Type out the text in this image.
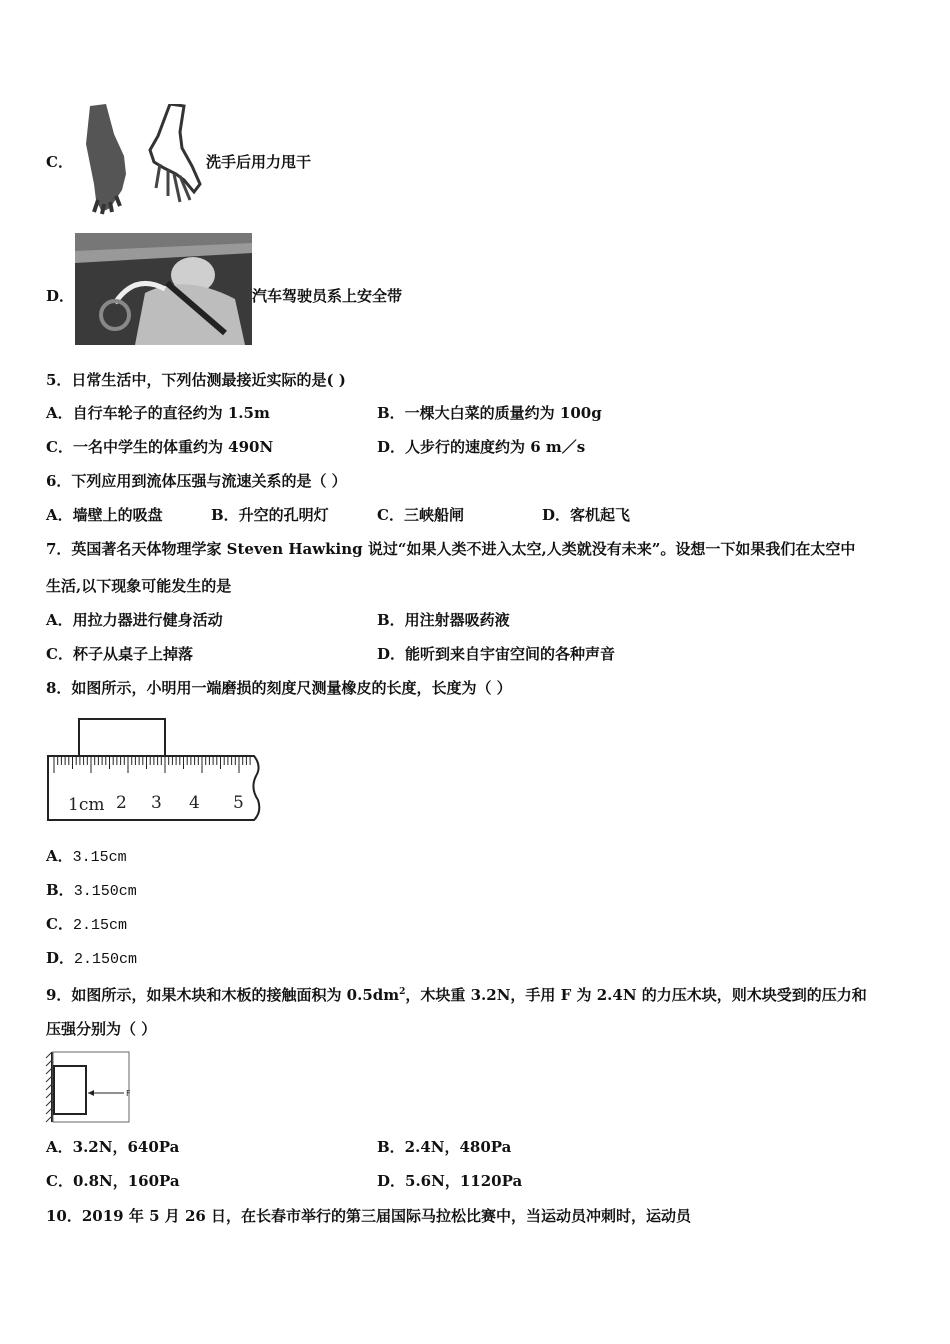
C．	洗手后用力甩干
D．	汽车驾驶员系上安全带
5．日常生活中，下列估测最接近实际的是( )
A．自行车轮子的直径约为 1.5m	B．一棵大白菜的质量约为 100g
C．一名中学生的体重约为 490N	D．人步行的速度约为 6 m／s
6．下列应用到流体压强与流速关系的是（ ）
A．墙壁上的吸盘	B．升空的孔明灯	C．三峡船闸	D．客机起飞
7．英国著名天体物理学家 Steven Hawking 说过“如果人类不进入太空,人类就没有未来”。设想一下如果我们在太空中
生活,以下现象可能发生的是
A．用拉力器进行健身活动	B．用注射器吸药液
C．杯子从桌子上掉落	D．能听到来自宇宙空间的各种声音
8．如图所示，小明用一端磨损的刻度尺测量橡皮的长度，长度为（ ）
1cm 2 3 4 5
A．3.15cm
B．3.150cm
C．2.15cm
D．2.150cm
9．如图所示，如果木块和木板的接触面积为 $0.5dm^2$，木块重 3.2N，手用 F 为 2.4N 的力压木块，则木块受到的压力和
压强分别为（ ）
F
A．3.2N，640Pa	B．2.4N，480Pa
C．0.8N，160Pa	D．5.6N，1120Pa
10．2019 年 5 月 26 日，在长春市举行的第三届国际马拉松比赛中，当运动员冲刺时，运动员
